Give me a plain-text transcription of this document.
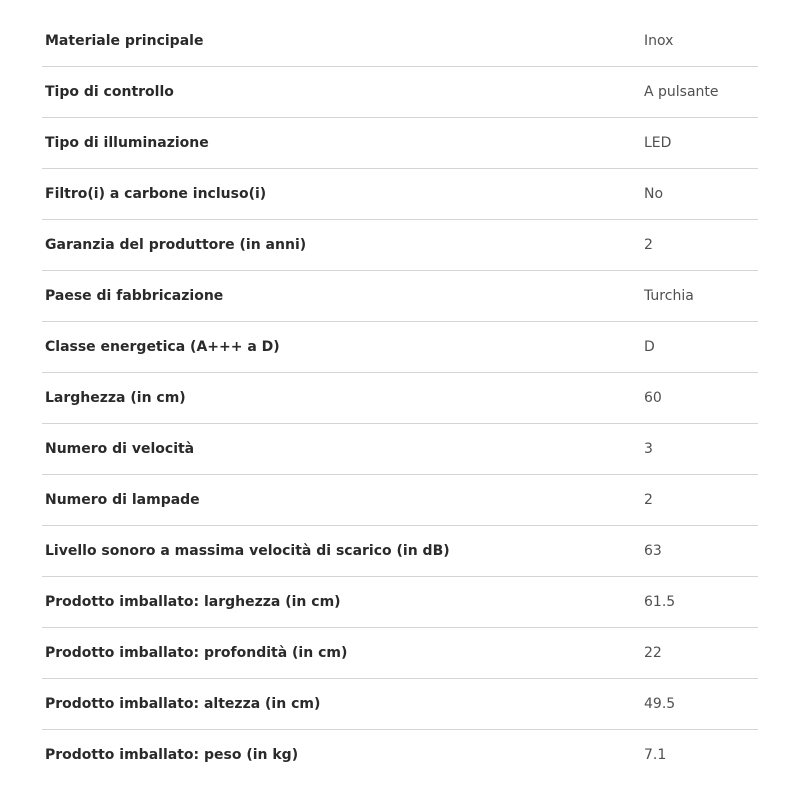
Materiale principale	Inox
Tipo di controllo	A pulsante
Tipo di illuminazione	LED
Filtro(i) a carbone incluso(i)	No
Garanzia del produttore (in anni)	2
Paese di fabbricazione	Turchia
Classe energetica (A+++ a D)	D
Larghezza (in cm)	60
Numero di velocità	3
Numero di lampade	2
Livello sonoro a massima velocità di scarico (in dB)	63
Prodotto imballato: larghezza (in cm)	61.5
Prodotto imballato: profondità (in cm)	22
Prodotto imballato: altezza (in cm)	49.5
Prodotto imballato: peso (in kg)	7.1
